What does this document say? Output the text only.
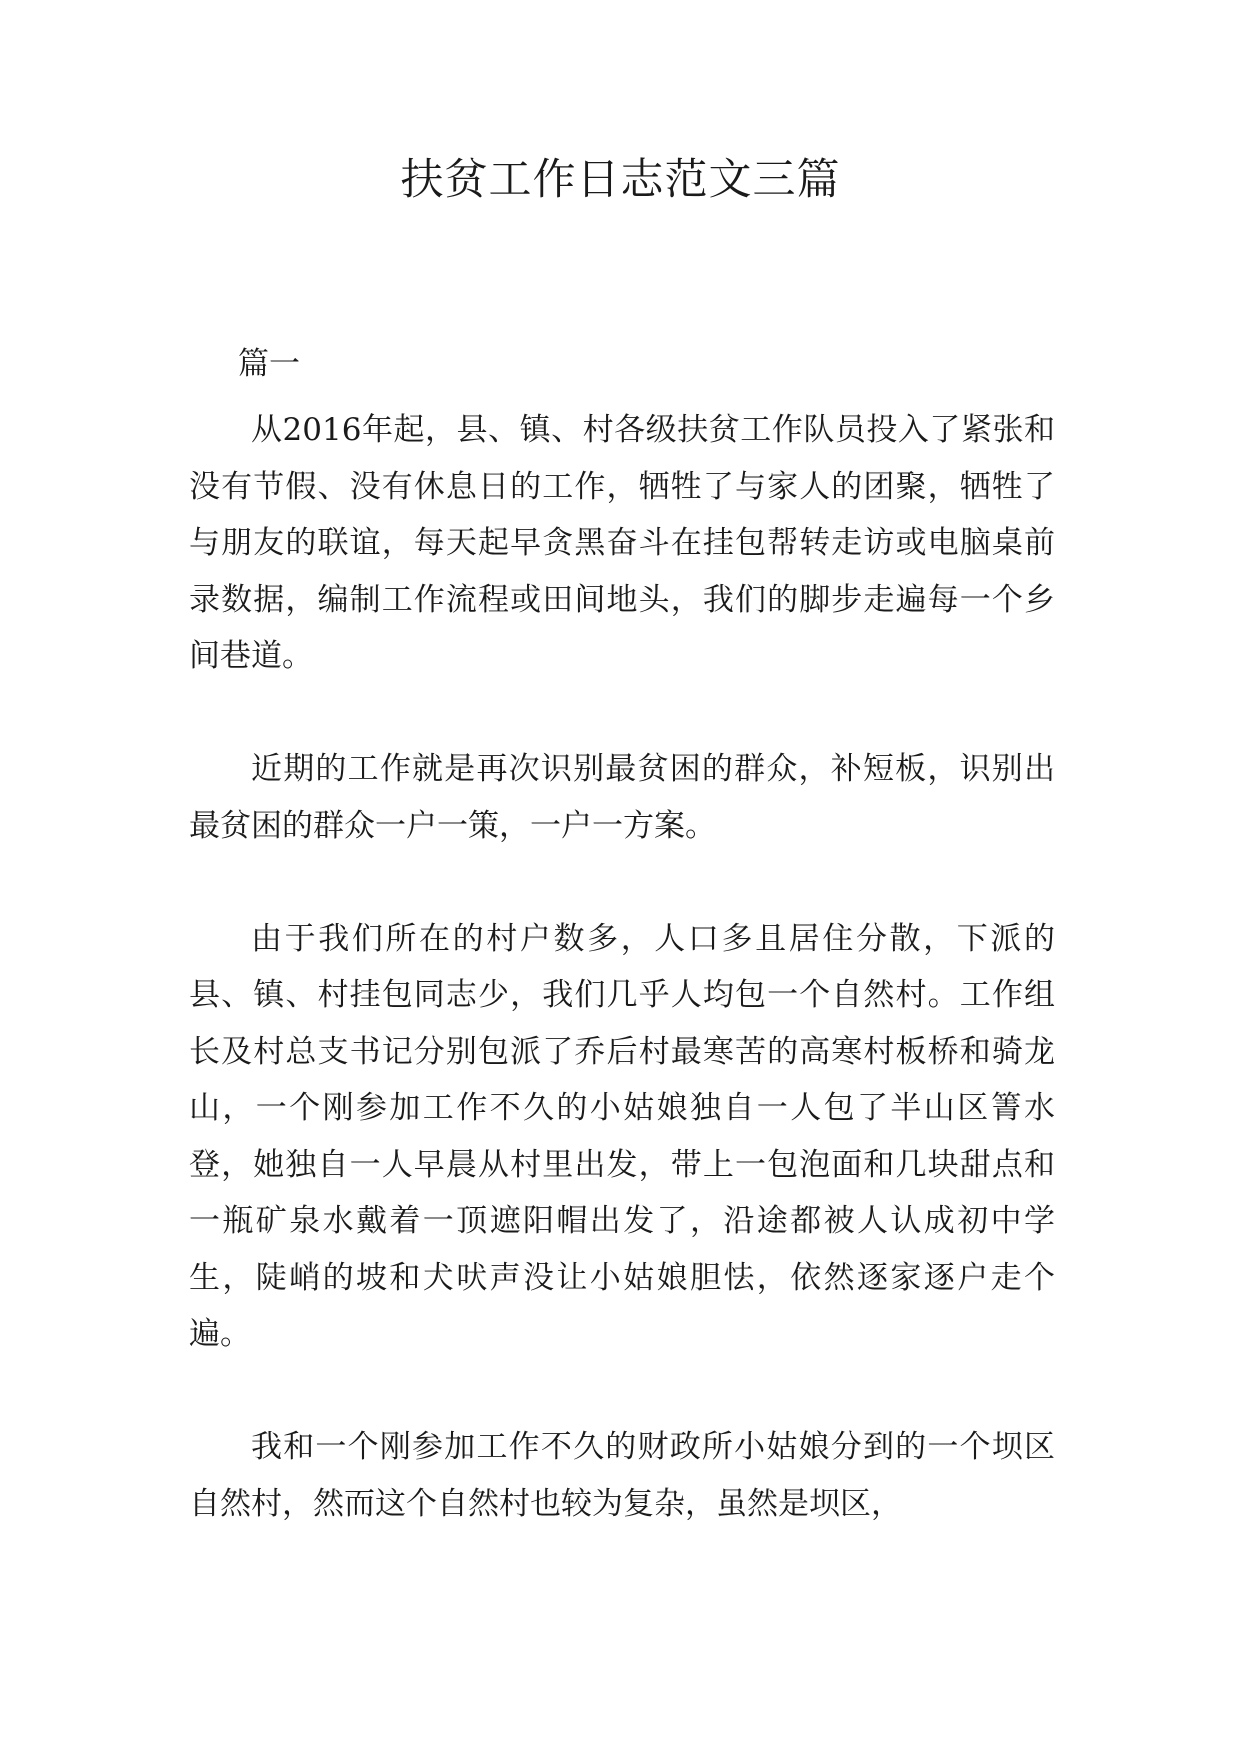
扶贫工作日志范文三篇

篇一

从2016年起，县、镇、村各级扶贫工作队员投入了紧张和没有节假、没有休息日的工作，牺牲了与家人的团聚，牺牲了与朋友的联谊，每天起早贪黑奋斗在挂包帮转走访或电脑桌前录数据，编制工作流程或田间地头，我们的脚步走遍每一个乡间巷道。

近期的工作就是再次识别最贫困的群众，补短板，识别出最贫困的群众一户一策，一户一方案。

由于我们所在的村户数多，人口多且居住分散，下派的县、镇、村挂包同志少，我们几乎人均包一个自然村。工作组长及村总支书记分别包派了乔后村最寒苦的高寒村板桥和骑龙山，一个刚参加工作不久的小姑娘独自一人包了半山区箐水登，她独自一人早晨从村里出发，带上一包泡面和几块甜点和一瓶矿泉水戴着一顶遮阳帽出发了，沿途都被人认成初中学生，陡峭的坡和犬吠声没让小姑娘胆怯，依然逐家逐户走个遍。

我和一个刚参加工作不久的财政所小姑娘分到的一个坝区自然村，然而这个自然村也较为复杂，虽然是坝区，
